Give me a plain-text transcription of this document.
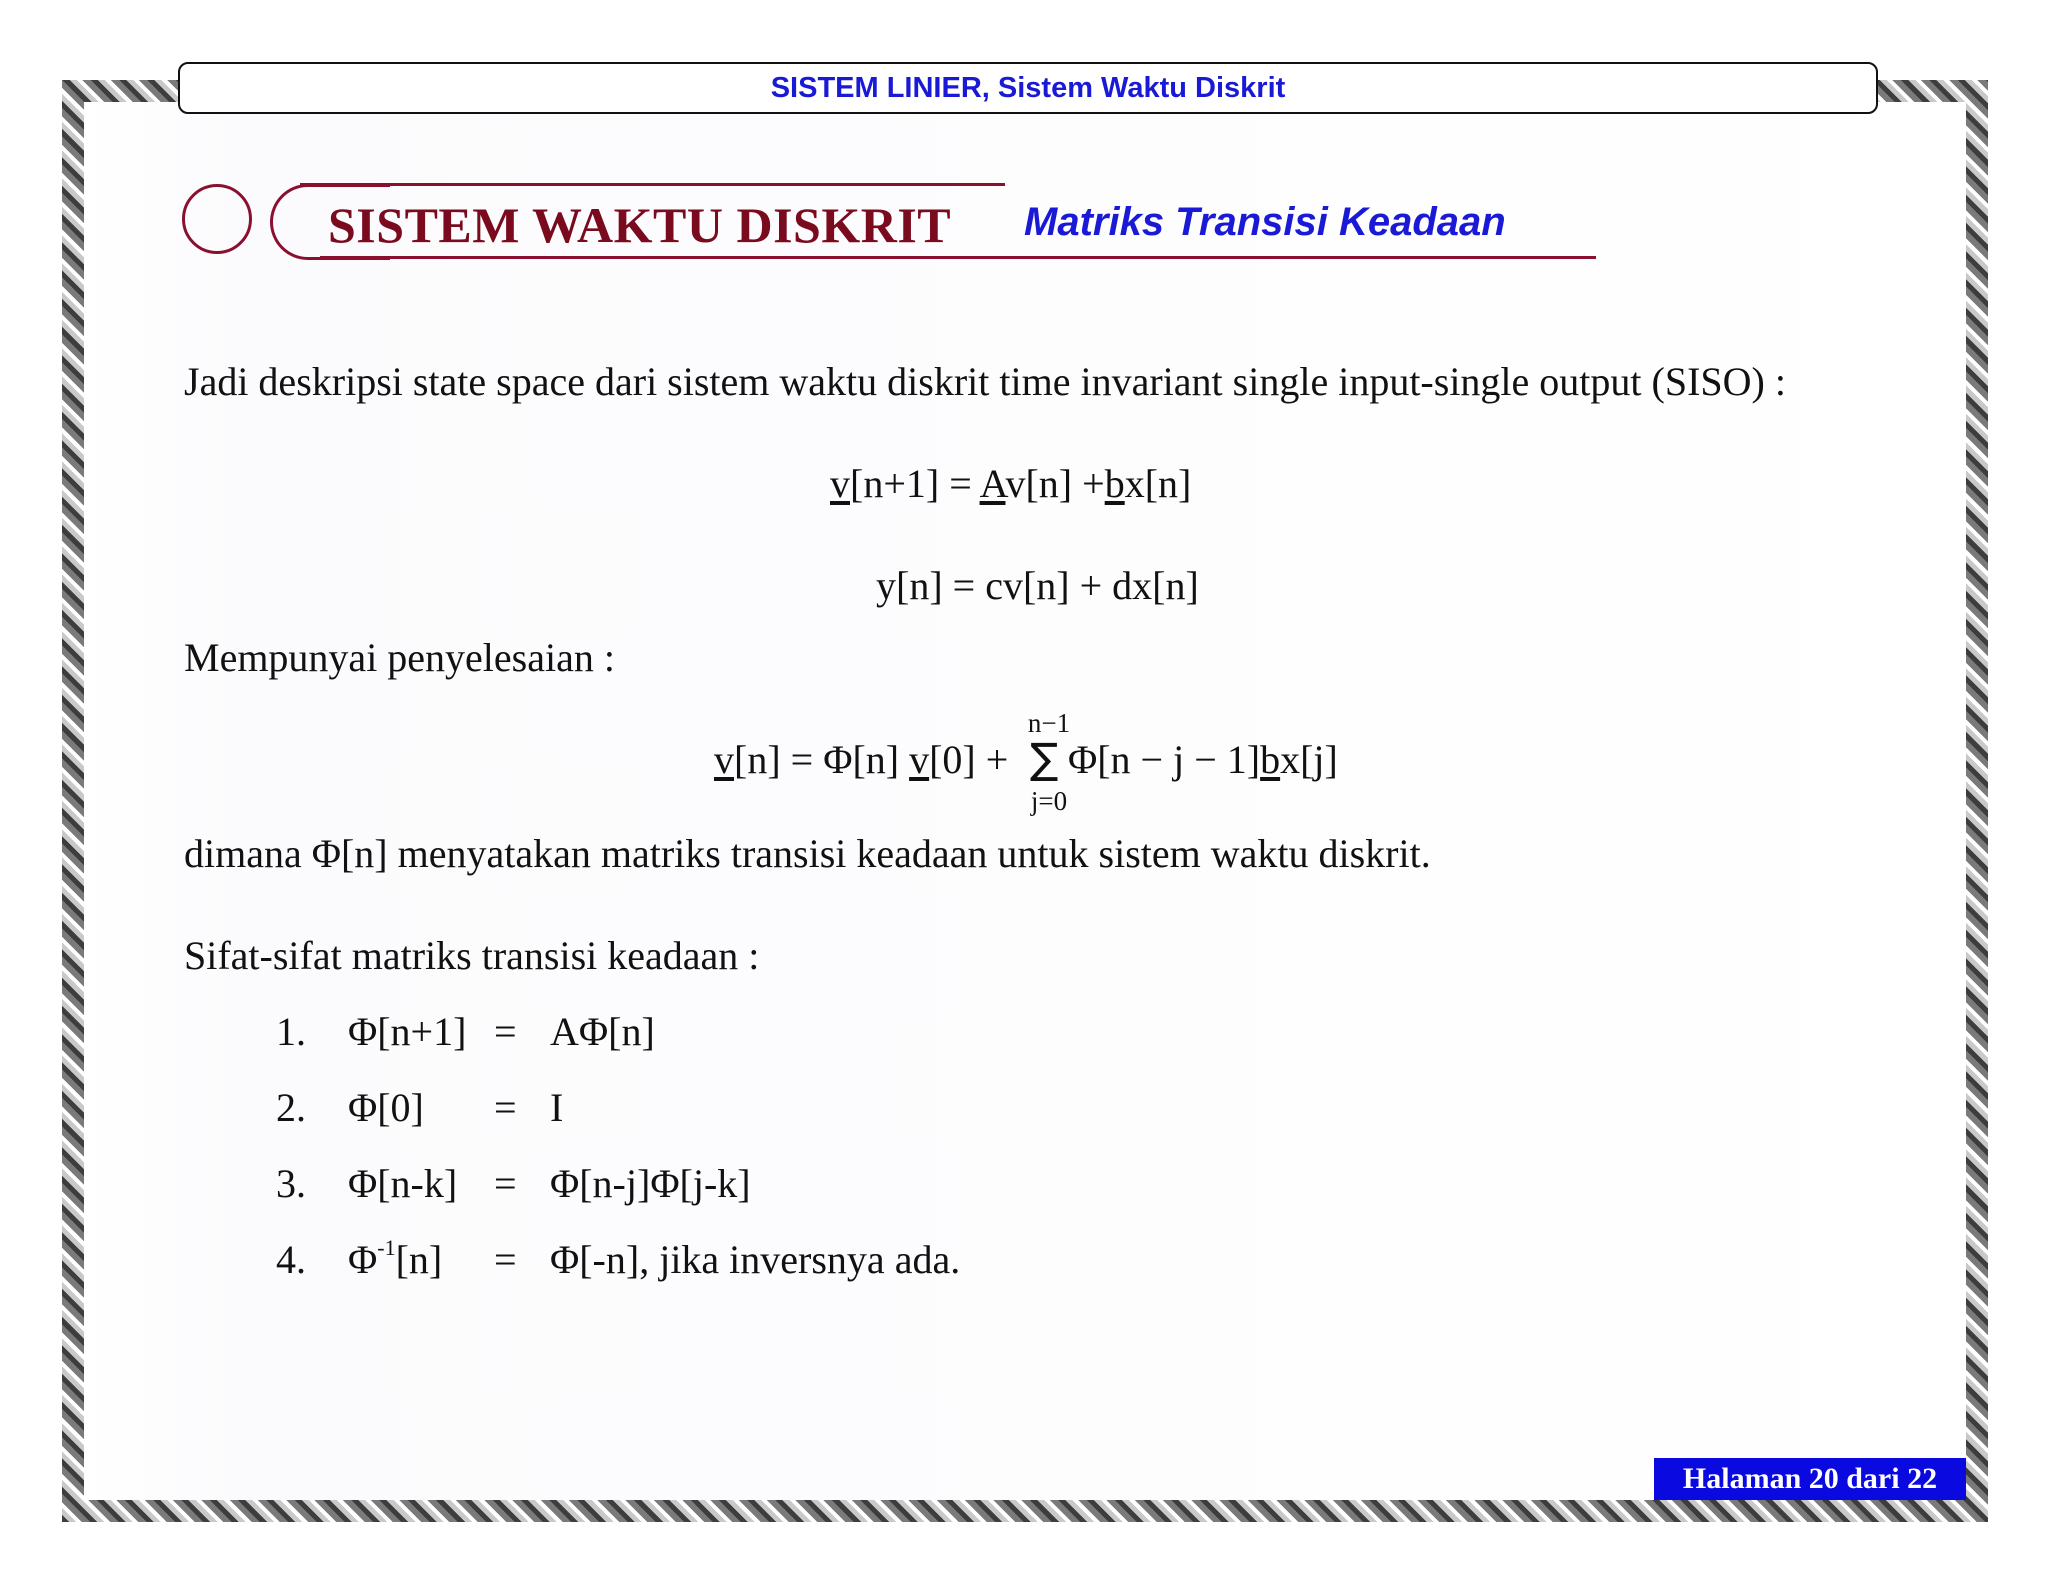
SISTEM LINIER, Sistem Waktu Diskrit
SISTEM WAKTU DISKRIT Matriks Transisi Keadaan
Jadi deskripsi state space dari sistem waktu diskrit time invariant single input-single output (SISO) :
v[n+1] = Av[n] +bx[n]
y[n] = cv[n] + dx[n]
Mempunyai penyelesaian :
v[n] = Φ[n] v[0] +
n−1
∑
j=0
Φ[n − j − 1]bx[j]
dimana Φ[n] menyatakan matriks transisi keadaan untuk sistem waktu diskrit.
Sifat-sifat matriks transisi keadaan :
1. Φ[n+1] = AΦ[n]
2. Φ[0] = I
3. Φ[n-k] = Φ[n-j]Φ[j-k]
4. $\Phi^{-1}[n] = \Phi[-n]$, jika inversnya ada.
Halaman 20 dari 22
